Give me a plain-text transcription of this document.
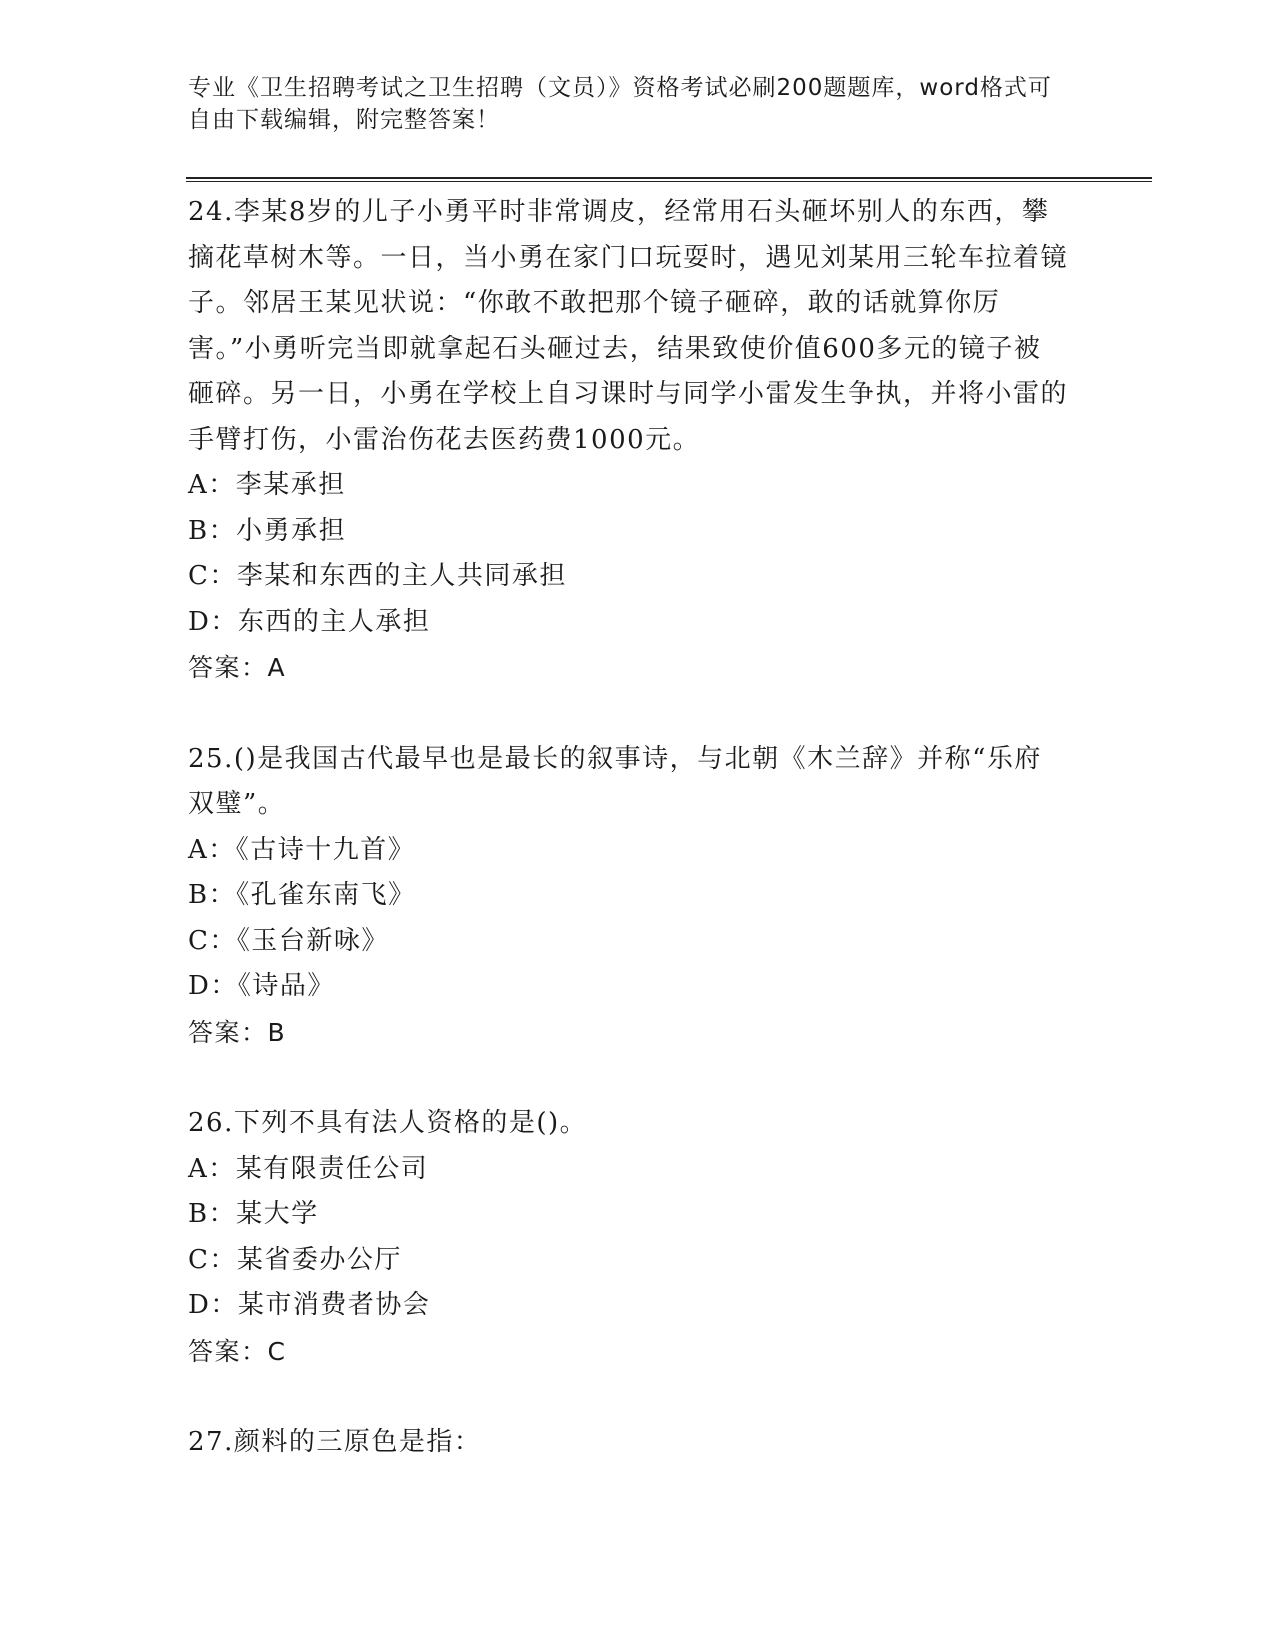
专业《卫生招聘考试之卫生招聘（文员）》资格考试必刷200题题库，word格式可自由下载编辑，附完整答案！

24.李某8岁的儿子小勇平时非常调皮，经常用石头砸坏别人的东西，攀摘花草树木等。一日，当小勇在家门口玩耍时，遇见刘某用三轮车拉着镜子。邻居王某见状说：“你敢不敢把那个镜子砸碎，敢的话就算你厉害。”小勇听完当即就拿起石头砸过去，结果致使价值600多元的镜子被砸碎。另一日，小勇在学校上自习课时与同学小雷发生争执，并将小雷的手臂打伤，小雷治伤花去医药费1000元。

A：李某承担

B：小勇承担

C：李某和东西的主人共同承担

D：东西的主人承担

答案：A

25.()是我国古代最早也是最长的叙事诗，与北朝《木兰辞》并称“乐府双璧”。

A：《古诗十九首》

B：《孔雀东南飞》

C：《玉台新咏》

D：《诗品》

答案：B

26.下列不具有法人资格的是()。

A：某有限责任公司

B：某大学

C：某省委办公厅

D：某市消费者协会

答案：C

27.颜料的三原色是指：
